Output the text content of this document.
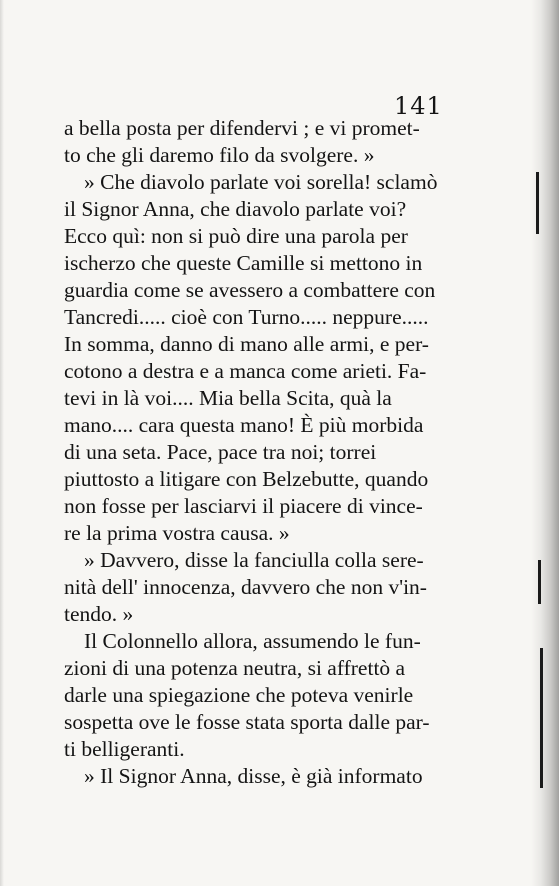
141
a bella posta per difendervi ; e vi promet-
to che gli daremo filo da svolgere. »
» Che diavolo parlate voi sorella! sclamò
il Signor Anna, che diavolo parlate voi?
Ecco quì: non si può dire una parola per
ischerzo che queste Camille si mettono in
guardia come se avessero a combattere con
Tancredi..... cioè con Turno..... neppure.....
In somma, danno di mano alle armi, e per-
cotono a destra e a manca come arieti. Fa-
tevi in là voi.... Mia bella Scita, quà la
mano.... cara questa mano! È più morbida
di una seta. Pace, pace tra noi; torrei
piuttosto a litigare con Belzebutte, quando
non fosse per lasciarvi il piacere di vince-
re la prima vostra causa. »
» Davvero, disse la fanciulla colla sere-
nità dell' innocenza, davvero che non v'in-
tendo. »
Il Colonnello allora, assumendo le fun-
zioni di una potenza neutra, si affrettò a
darle una spiegazione che poteva venirle
sospetta ove le fosse stata sporta dalle par-
ti belligeranti.
» Il Signor Anna, disse, è già informato
